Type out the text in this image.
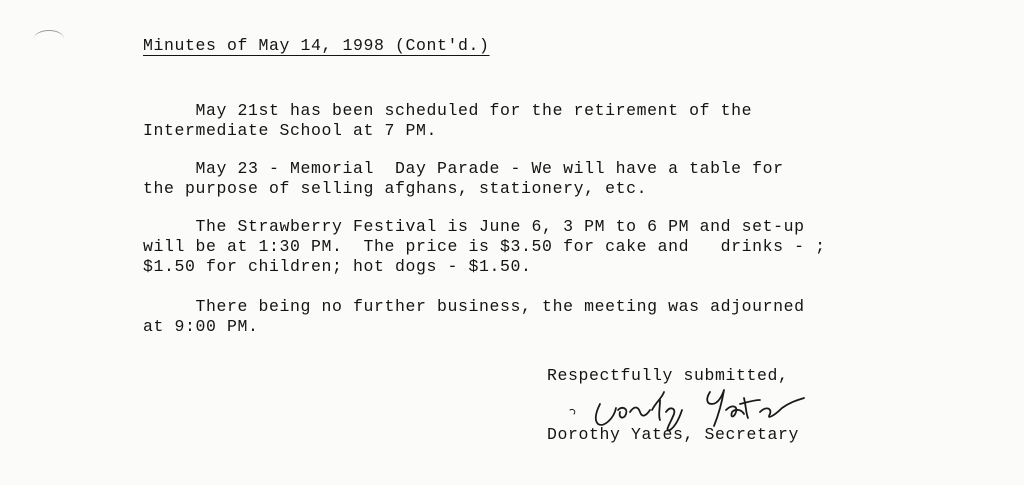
Minutes of May 14, 1998 (Cont'd.)
May 21st has been scheduled for the retirement of the
Intermediate School at 7 PM.
May 23 - Memorial  Day Parade - We will have a table for
the purpose of selling afghans, stationery, etc.
The Strawberry Festival is June 6, 3 PM to 6 PM and set-up
will be at 1:30 PM.  The price is $3.50 for cake and   drinks - ;
$1.50 for children; hot dogs - $1.50.
There being no further business, the meeting was adjourned
at 9:00 PM.
Respectfully submitted,
Dorothy Yates, Secretary
